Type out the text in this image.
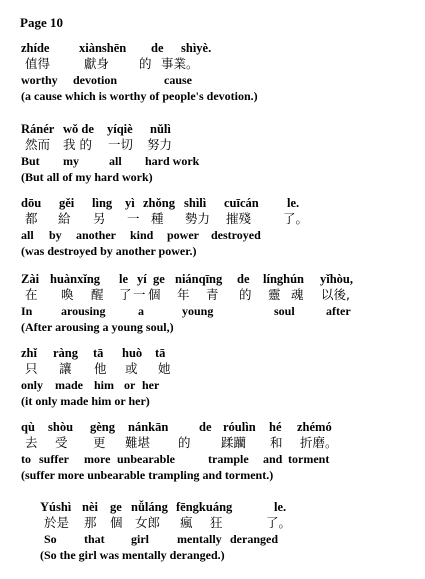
Page 10
zhíde xiànshēn de shìyè.
值得	獻身 的 事業。
worthy devotion	cause
(a cause which is worthy of people's devotion.)
Ránér wǒ de yíqiè nǔlì
然而 我 的 一切 努力
But my	all hard work
(But all of my hard work)
dōu gěi lìng yì zhǒng shìlì cuīcán le.
都 給 另 一 種 勢力 摧殘	了。
all by another kind power destroyed
(was destroyed by another power.)
Zài huànxǐng le yí ge niánqīng de línghún yǐhòu,
在 喚 醒 了 一 個 年 青 的 靈 魂 以後,
In arousing	a	young	soul	after
(After arousing a young soul,)
zhǐ ràng tā huò tā
只 讓 他 或 她
only made him or her
(it only made him or her)
qù shòu gèng nánkān de róulìn hé zhémó
去 受 更 難堪 的 蹂躪 和 折磨。
to suffer more unbearable	trample and torment
(suffer more unbearable trampling and torment.)
Yúshì nèi ge nǚláng fēngkuáng	le.
於是 那 個 女郎 瘋 狂	了。
So that girl mentally deranged
(So the girl was mentally deranged.)
